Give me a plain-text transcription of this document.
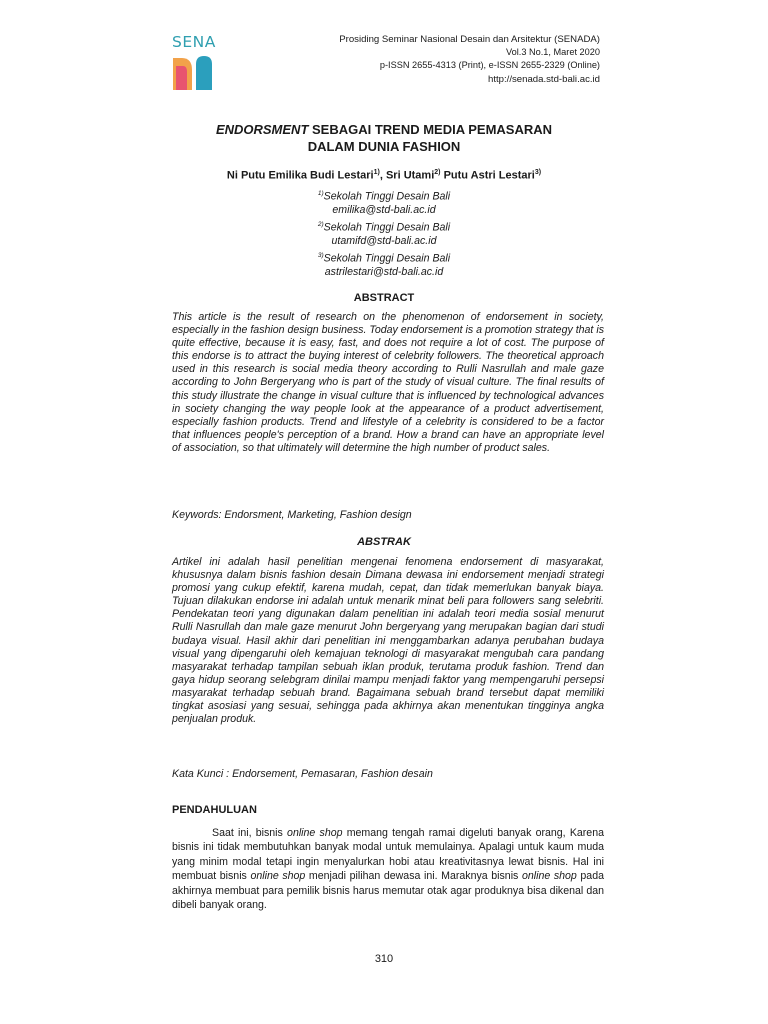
SENA	Prosiding Seminar Nasional Desain dan Arsitektur (SENADA)
Vol.3 No.1, Maret 2020
p-ISSN 2655-4313 (Print), e-ISSN 2655-2329 (Online)
http://senada.std-bali.ac.id
ENDORSMENT SEBAGAI TREND MEDIA PEMASARAN
DALAM DUNIA FASHION
Ni Putu Emilika Budi Lestari$^{1)}$, Sri Utami$^{2)}$ Putu Astri Lestari$^{3)}$
$^{1)}$Sekolah Tinggi Desain Bali
emilika@std-bali.ac.id
$^{2)}$Sekolah Tinggi Desain Bali
utamifd@std-bali.ac.id
$^{3)}$Sekolah Tinggi Desain Bali
astrilestari@std-bali.ac.id
ABSTRACT
This article is the result of research on the phenomenon of endorsement in society, especially in the fashion design business. Today endorsement is a promotion strategy that is quite effective, because it is easy, fast, and does not require a lot of cost. The purpose of this endorse is to attract the buying interest of celebrity followers. The theoretical approach used in this research is social media theory according to Rulli Nasrullah and male gaze according to John Bergeryang who is part of the study of visual culture. The final results of this study illustrate the change in visual culture that is influenced by technological advances in society changing the way people look at the appearance of a product advertisement, especially fashion products. Trend and lifestyle of a celebrity is considered to be a factor that influences people's perception of a brand. How a brand can have an appropriate level of association, so that ultimately will determine the high number of product sales.
Keywords: Endorsment, Marketing, Fashion design
ABSTRAK
Artikel ini adalah hasil penelitian mengenai fenomena endorsement di masyarakat, khususnya dalam bisnis fashion desain Dimana dewasa ini endorsement menjadi strategi promosi yang cukup efektif, karena mudah, cepat, dan tidak memerlukan banyak biaya. Tujuan dilakukan endorse ini adalah untuk menarik minat beli para followers sang selebriti. Pendekatan teori yang digunakan dalam penelitian ini adalah teori media sosial menurut Rulli Nasrullah dan male gaze menurut John bergeryang yang merupakan bagian dari studi budaya visual. Hasil akhir dari penelitian ini menggambarkan adanya perubahan budaya visual yang dipengaruhi oleh kemajuan teknologi di masyarakat mengubah cara pandang masyarakat terhadap tampilan sebuah iklan produk, terutama produk fashion. Trend dan gaya hidup seorang selebgram dinilai mampu menjadi faktor yang mempengaruhi persepsi masyarakat terhadap sebuah brand. Bagaimana sebuah brand tersebut dapat memiliki tingkat asosiasi yang sesuai, sehingga pada akhirnya akan menentukan tingginya angka penjualan produk.
Kata Kunci : Endorsement, Pemasaran, Fashion desain
PENDAHULUAN
Saat ini, bisnis online shop memang tengah ramai digeluti banyak orang, Karena bisnis ini tidak membutuhkan banyak modal untuk memulainya. Apalagi untuk kaum muda yang minim modal tetapi ingin menyalurkan hobi atau kreativitasnya lewat bisnis. Hal ini membuat bisnis online shop menjadi pilihan dewasa ini. Maraknya bisnis online shop pada akhirnya membuat para pemilik bisnis harus memutar otak agar produknya bisa dikenal dan dibeli banyak orang.
310
